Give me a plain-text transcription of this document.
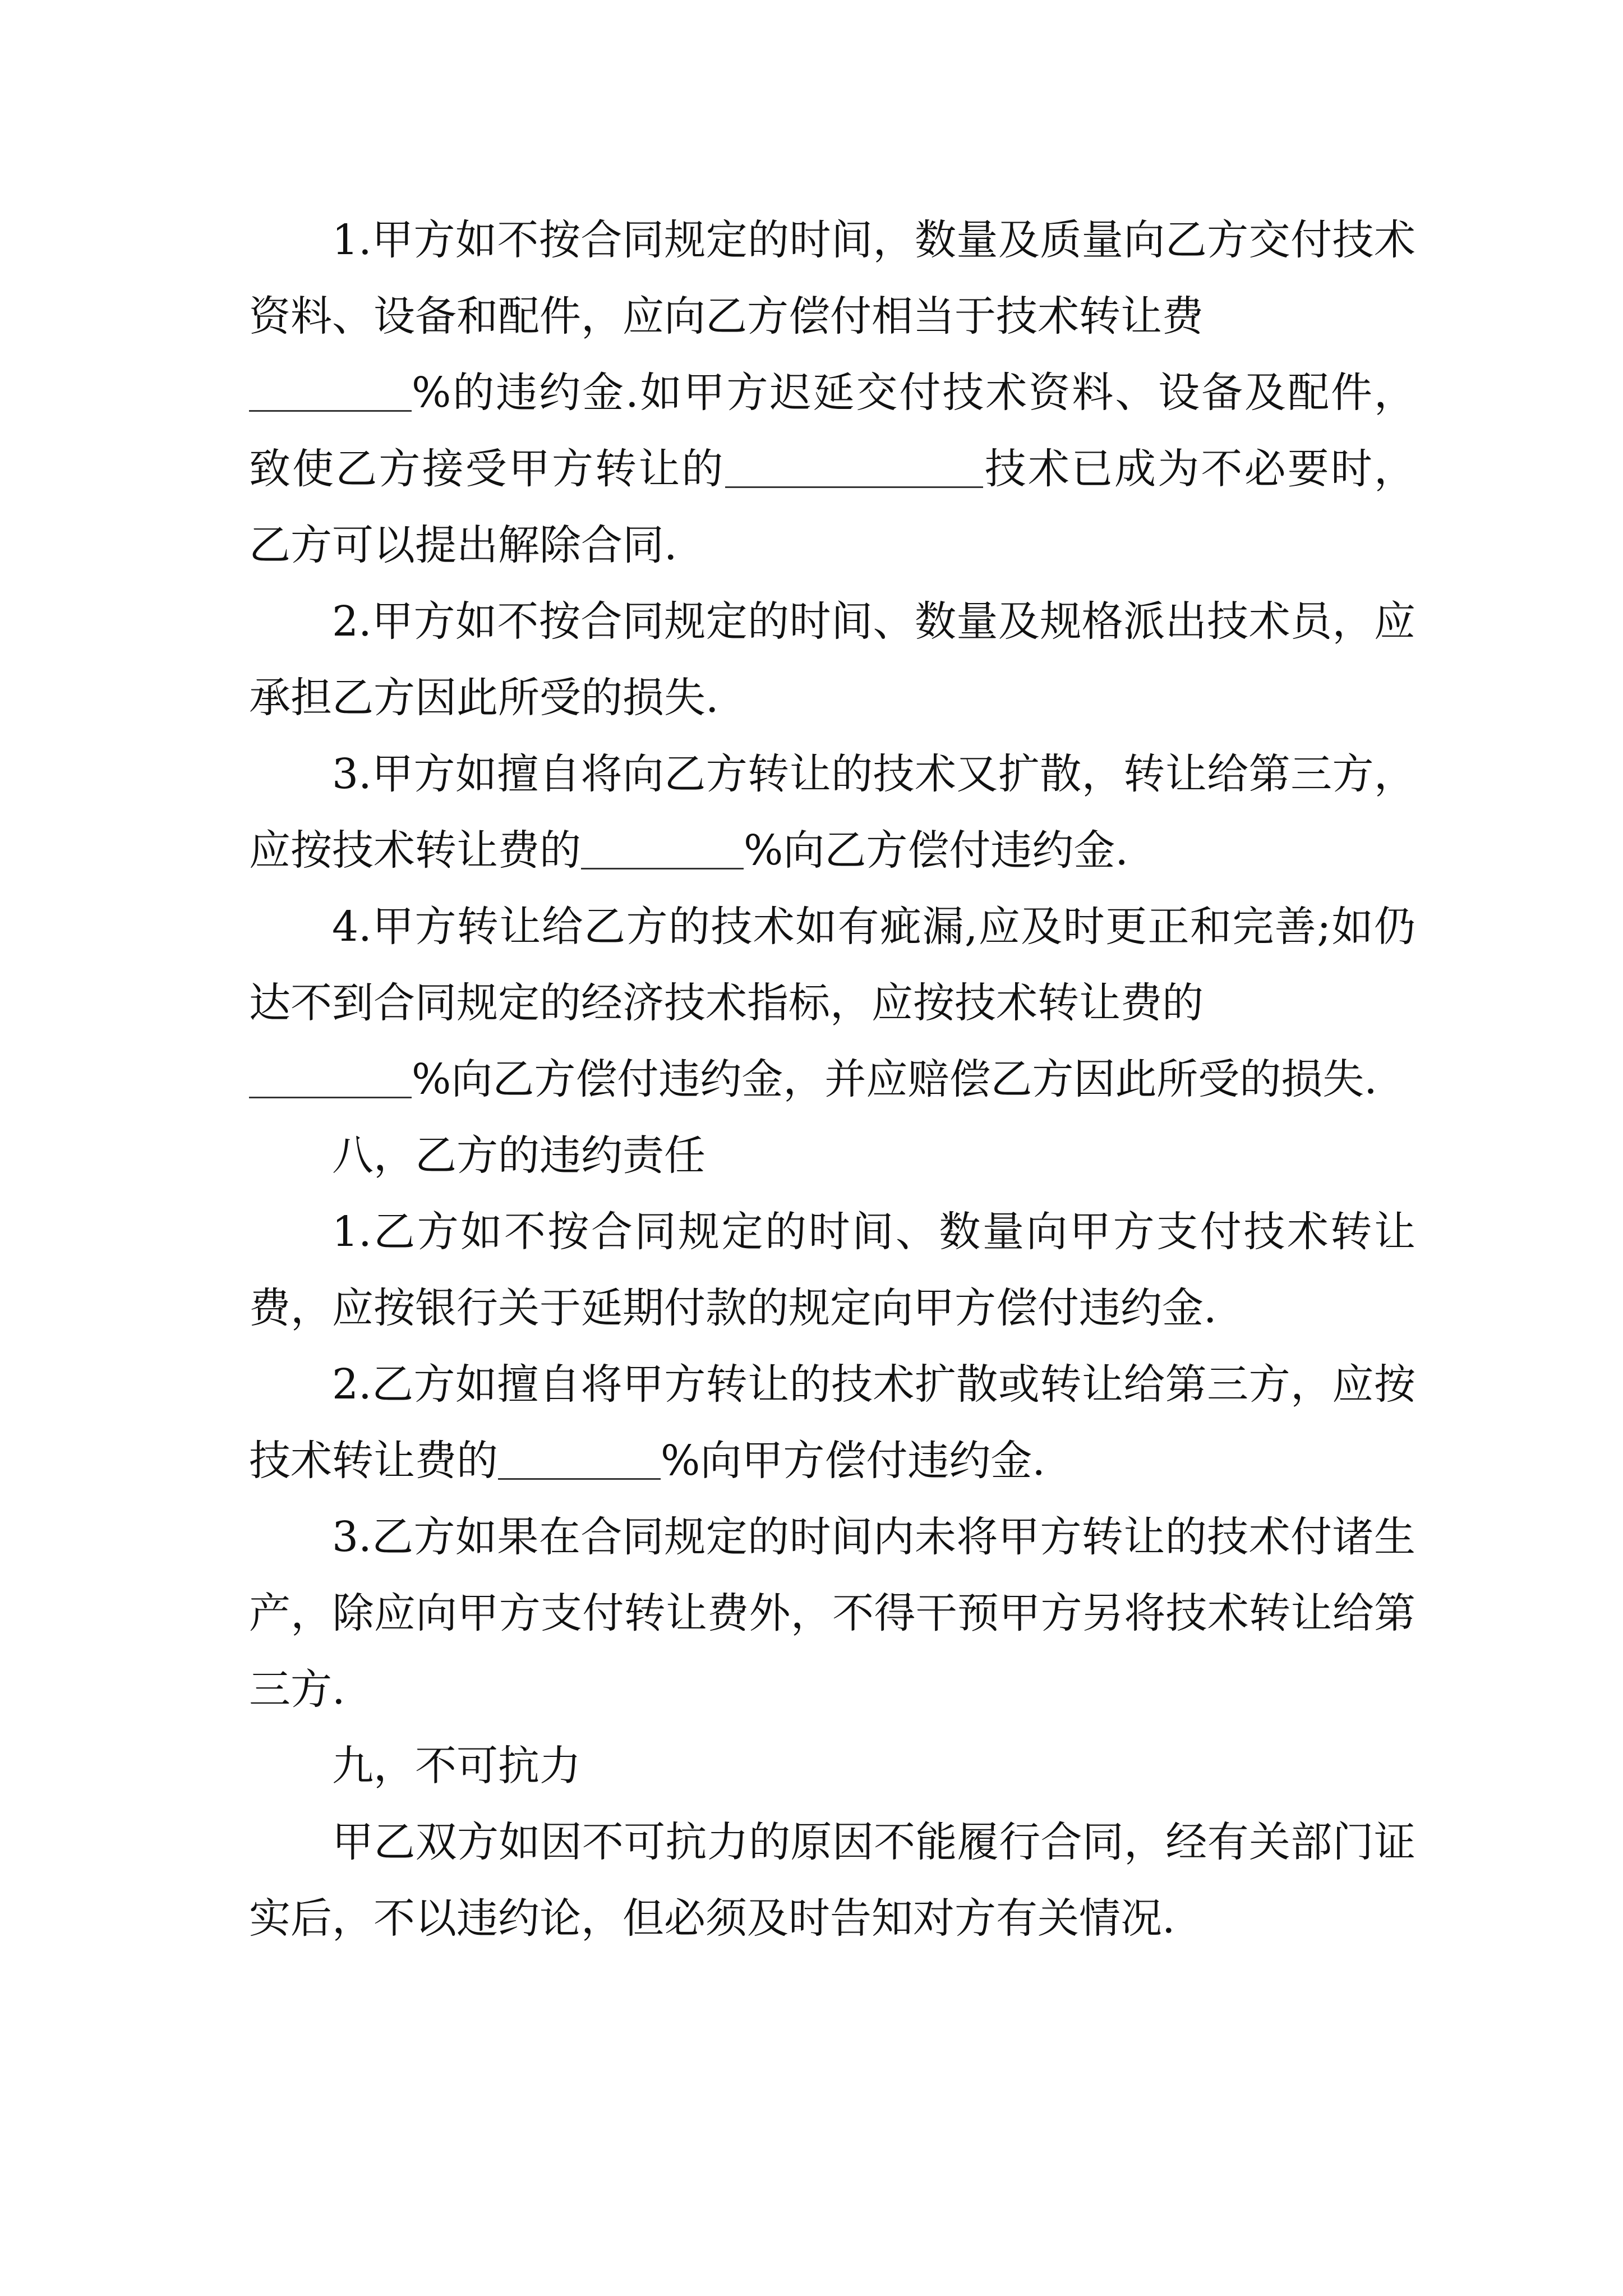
1.甲方如不按合同规定的时间，数量及质量向乙方交付技术资料、设备和配件，应向乙方偿付相当于技术转让费
%的违约金.如甲方迟延交付技术资料、设备及配件，致使乙方接受甲方转让的	技术已成为不必要时，乙方可以提出解除合同.

2.甲方如不按合同规定的时间、数量及规格派出技术员，应承担乙方因此所受的损失.

3.甲方如擅自将向乙方转让的技术又扩散，转让给第三方，应按技术转让费的	%向乙方偿付违约金.

4.甲方转让给乙方的技术如有疵漏,应及时更正和完善;如仍达不到合同规定的经济技术指标，应按技术转让费的
%向乙方偿付违约金，并应赔偿乙方因此所受的损失.

八，乙方的违约责任

1.乙方如不按合同规定的时间、数量向甲方支付技术转让费，应按银行关于延期付款的规定向甲方偿付违约金.

2.乙方如擅自将甲方转让的技术扩散或转让给第三方，应按技术转让费的	%向甲方偿付违约金.

3.乙方如果在合同规定的时间内未将甲方转让的技术付诸生产，除应向甲方支付转让费外，不得干预甲方另将技术转让给第三方.

九，不可抗力

甲乙双方如因不可抗力的原因不能履行合同，经有关部门证实后，不以违约论，但必须及时告知对方有关情况.
